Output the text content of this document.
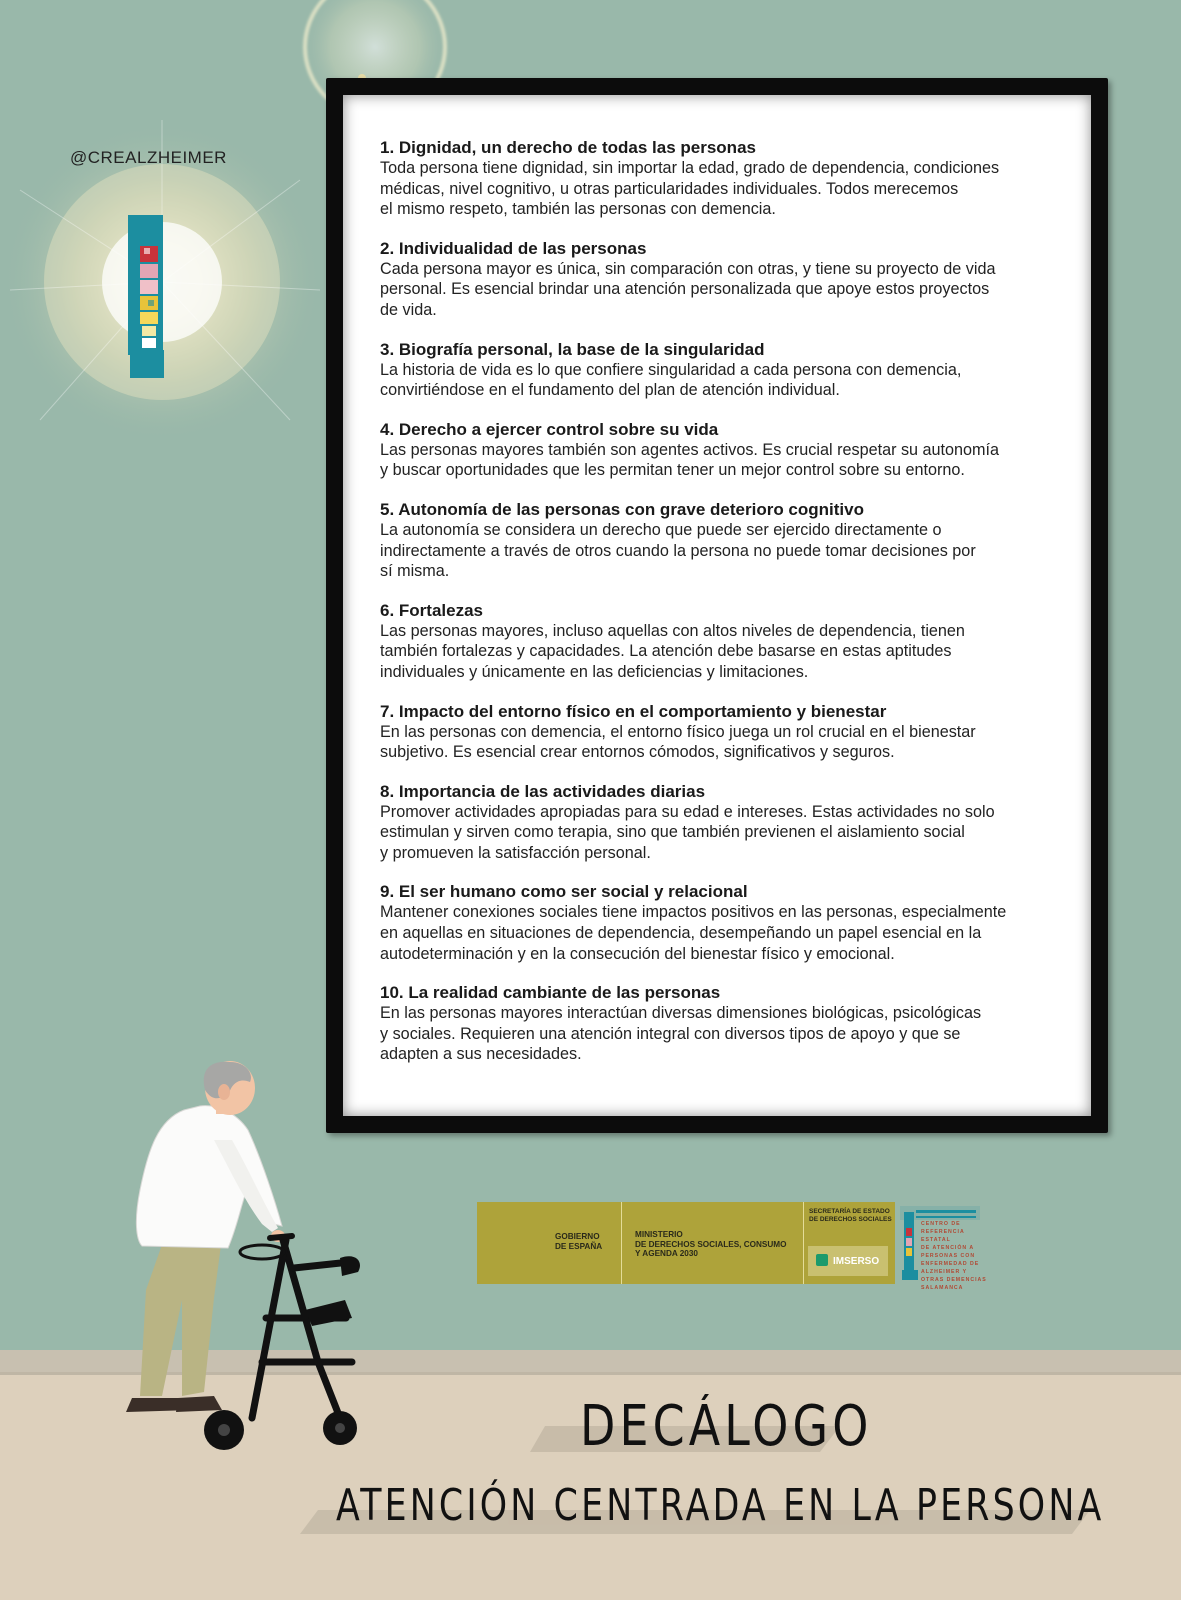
@CREALZHEIMER
1. Dignidad, un derecho de todas las personas
Toda persona tiene dignidad, sin importar la edad, grado de dependencia, condiciones
médicas, nivel cognitivo, u otras particularidades individuales. Todos merecemos
el mismo respeto, también las personas con demencia.
2. Individualidad de las personas
Cada persona mayor es única, sin comparación con otras, y tiene su proyecto de vida
personal. Es esencial brindar una atención personalizada que apoye estos proyectos
de vida.
3. Biografía personal, la base de la singularidad
La historia de vida es lo que confiere singularidad a cada persona con demencia,
convirtiéndose en el fundamento del plan de atención individual.
4. Derecho a ejercer control sobre su vida
Las personas mayores también son agentes activos. Es crucial respetar su autonomía
y buscar oportunidades que les permitan tener un mejor control sobre su entorno.
5. Autonomía de las personas con grave deterioro cognitivo
La autonomía se considera un derecho que puede ser ejercido directamente o
indirectamente a través de otros cuando la persona no puede tomar decisiones por
sí misma.
6. Fortalezas
Las personas mayores, incluso aquellas con altos niveles de dependencia, tienen
también fortalezas y capacidades. La atención debe basarse en estas aptitudes
individuales y únicamente en las deficiencias y limitaciones.
7. Impacto del entorno físico en el comportamiento y bienestar
En las personas con demencia, el entorno físico juega un rol crucial en el bienestar
subjetivo. Es esencial crear entornos cómodos, significativos y seguros.
8. Importancia de las actividades diarias
Promover actividades apropiadas para su edad e intereses. Estas actividades no solo
estimulan y sirven como terapia, sino que también previenen el aislamiento social
y promueven la satisfacción personal.
9. El ser humano como ser social y relacional
Mantener conexiones sociales tiene impactos positivos en las personas, especialmente
en aquellas en situaciones de dependencia, desempeñando un papel esencial en la
autodeterminación y en la consecución del bienestar físico y emocional.
10. La realidad cambiante de las personas
En las personas mayores interactúan diversas dimensiones biológicas, psicológicas
y sociales. Requieren una atención integral con diversos tipos de apoyo y que se
adapten a sus necesidades.
GOBIERNO
DE ESPAÑA
MINISTERIO
DE DERECHOS SOCIALES, CONSUMO
Y AGENDA 2030
SECRETARÍA DE ESTADO
DE DERECHOS SOCIALES
IMSERSO
CENTRO DE
REFERENCIA ESTATAL
DE ATENCIÓN A
PERSONAS CON
ENFERMEDAD DE
ALZHEIMER Y
OTRAS DEMENCIAS
SALAMANCA
DECÁLOGO
ATENCIÓN CENTRADA EN LA PERSONA
